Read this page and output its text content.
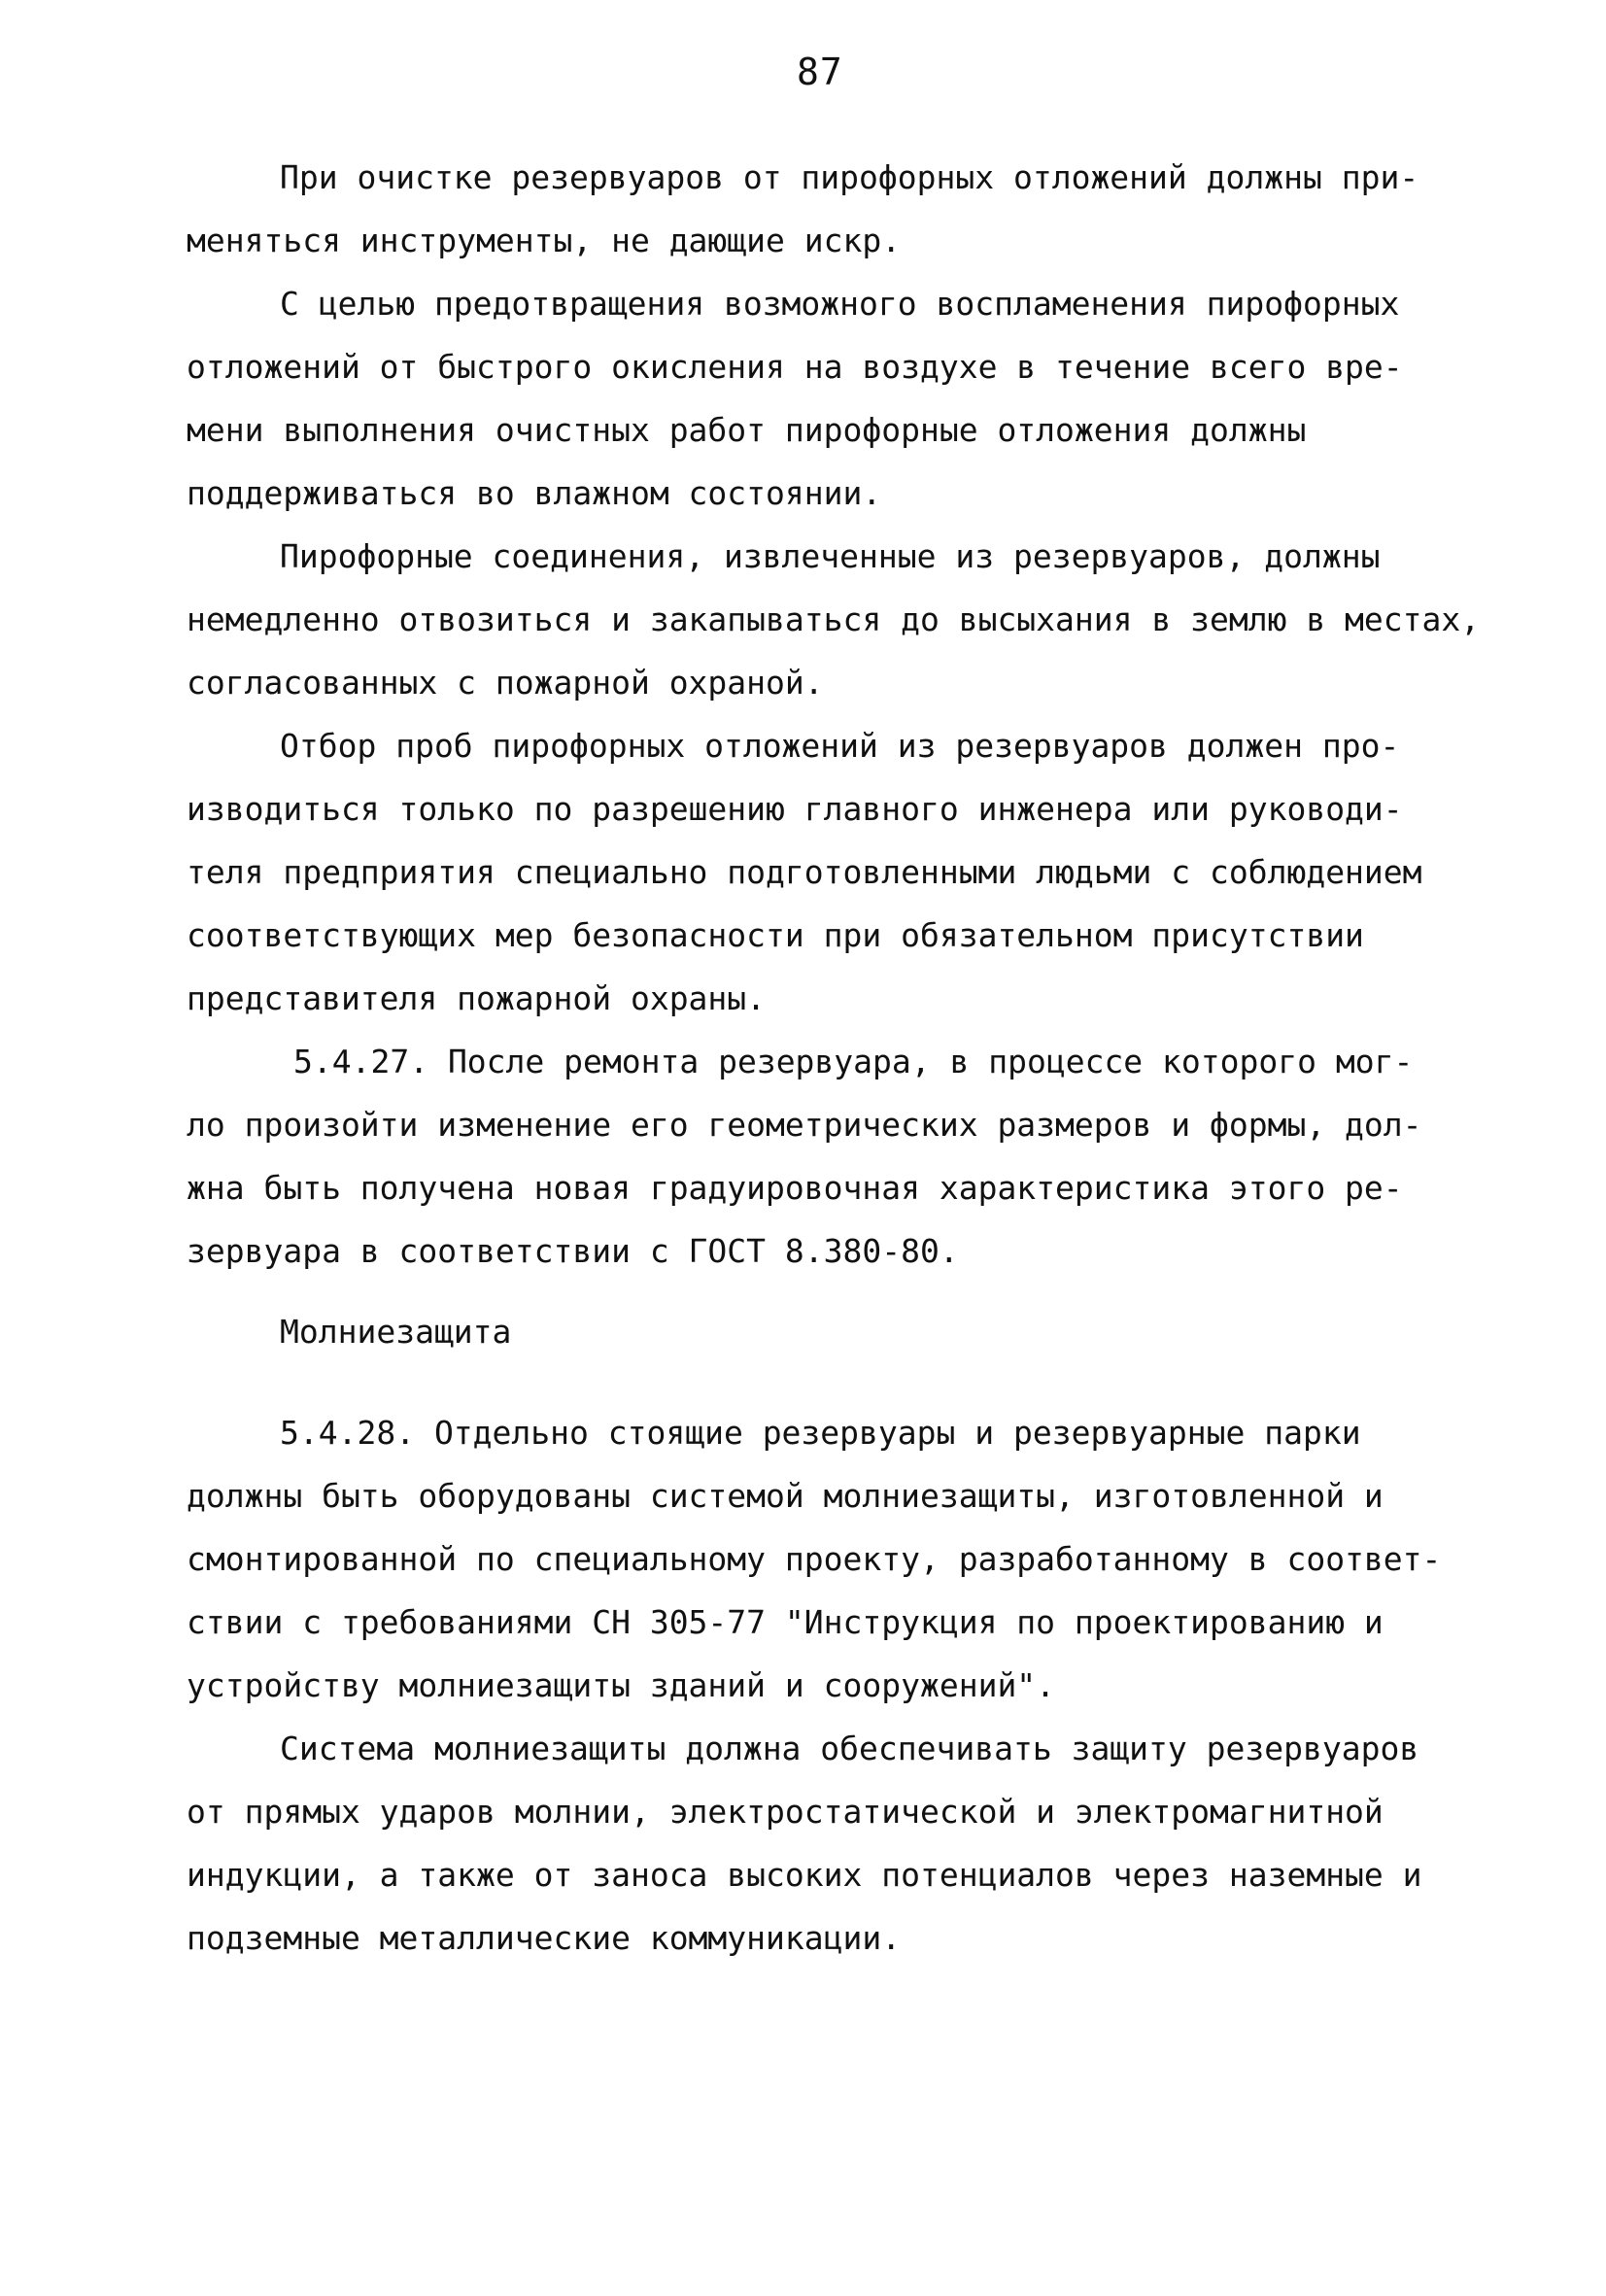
87
При очистке резервуаров от пирофорных отложений должны при-
меняться инструменты, не дающие искр.
С целью предотвращения возможного воспламенения пирофорных
отложений от быстрого окисления на воздухе в течение всего вре-
мени выполнения очистных работ пирофорные отложения должны
поддерживаться во влажном состоянии.
Пирофорные соединения, извлеченные из резервуаров, должны
немедленно отвозиться и закапываться до высыхания в землю в местах,
согласованных с пожарной охраной.
Отбор проб пирофорных отложений из резервуаров должен про-
изводиться только по разрешению главного инженера или руководи-
теля предприятия специально подготовленными людьми с соблюдением
соответствующих мер безопасности при обязательном присутствии
представителя пожарной охраны.
5.4.27. После ремонта резервуара, в процессе которого мог-
ло произойти изменение его геометрических размеров и формы, дол-
жна быть получена новая градуировочная характеристика этого ре-
зервуара в соответствии с ГОСТ 8.380-80.
Молниезащита
5.4.28. Отдельно стоящие резервуары и резервуарные парки
должны быть оборудованы системой молниезащиты, изготовленной и
смонтированной по специальному проекту, разработанному в соответ-
ствии с требованиями СН 305-77 "Инструкция по проектированию и
устройству молниезащиты зданий и сооружений".
Система молниезащиты должна обеспечивать защиту резервуаров
от прямых ударов молнии, электростатической и электромагнитной
индукции, а также от заноса высоких потенциалов через наземные и
подземные металлические коммуникации.
